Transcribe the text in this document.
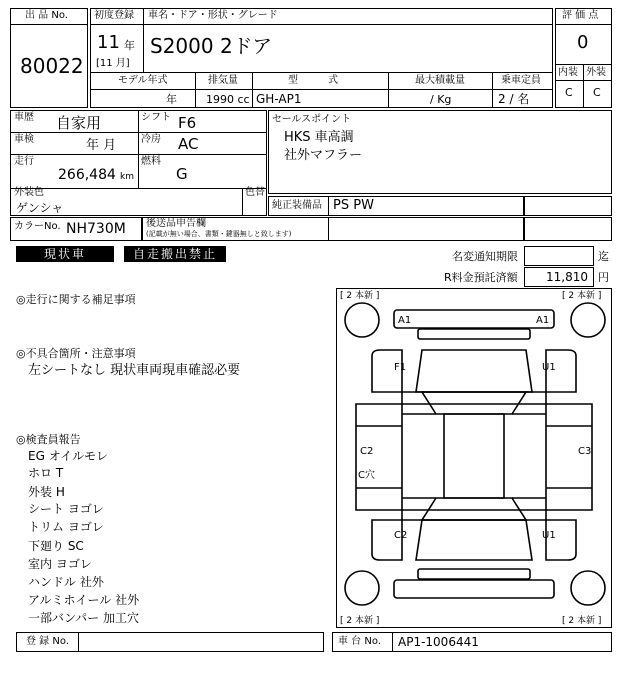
出 品 No.
80022
初度登録 車名・ドア・形状・グレード
11 年
[11 月]
S2000 2ドア
モデル年式	排気量	型　　　式	最大積載量	乗車定員
年	1990 cc GH-AP1	/ Kg	2 / 名
評 価 点
0
内装 外装
C C
車歴 自家用	シフト F6
車検	年 月 冷房 AC
走行
266,484 km
燃料
G
外装色
ゲンシャ
色替
セールスポイント
HKS 車高調
社外マフラー
純正装備品 PS PW
カラーNo. NH730M 後送品申告欄
(記載が無い場合、書類・鍵器無しと致します)
現状車	自走搬出禁止	名変通知期限	迄
R料金預託済額 11,810 円
◎走行に関する補足事項
◎不具合箇所・注意事項
左シートなし 現状車両現車確認必要
◎検査員報告
EG オイルモレ
ホロ T
外装 H
シート ヨゴレ
トリム ヨゴレ
下廻り SC
室内 ヨゴレ
ハンドル 社外
アルミホイール 社外
一部バンパー 加工穴
[ 2 本新 ]	[ 2 本新 ]
[ 2 本新 ]	[ 2 本新 ]
A1	A1
F1	U1
C2
C穴
C3
C2	U1
登 録 No.	車 台 No. AP1-1006441
